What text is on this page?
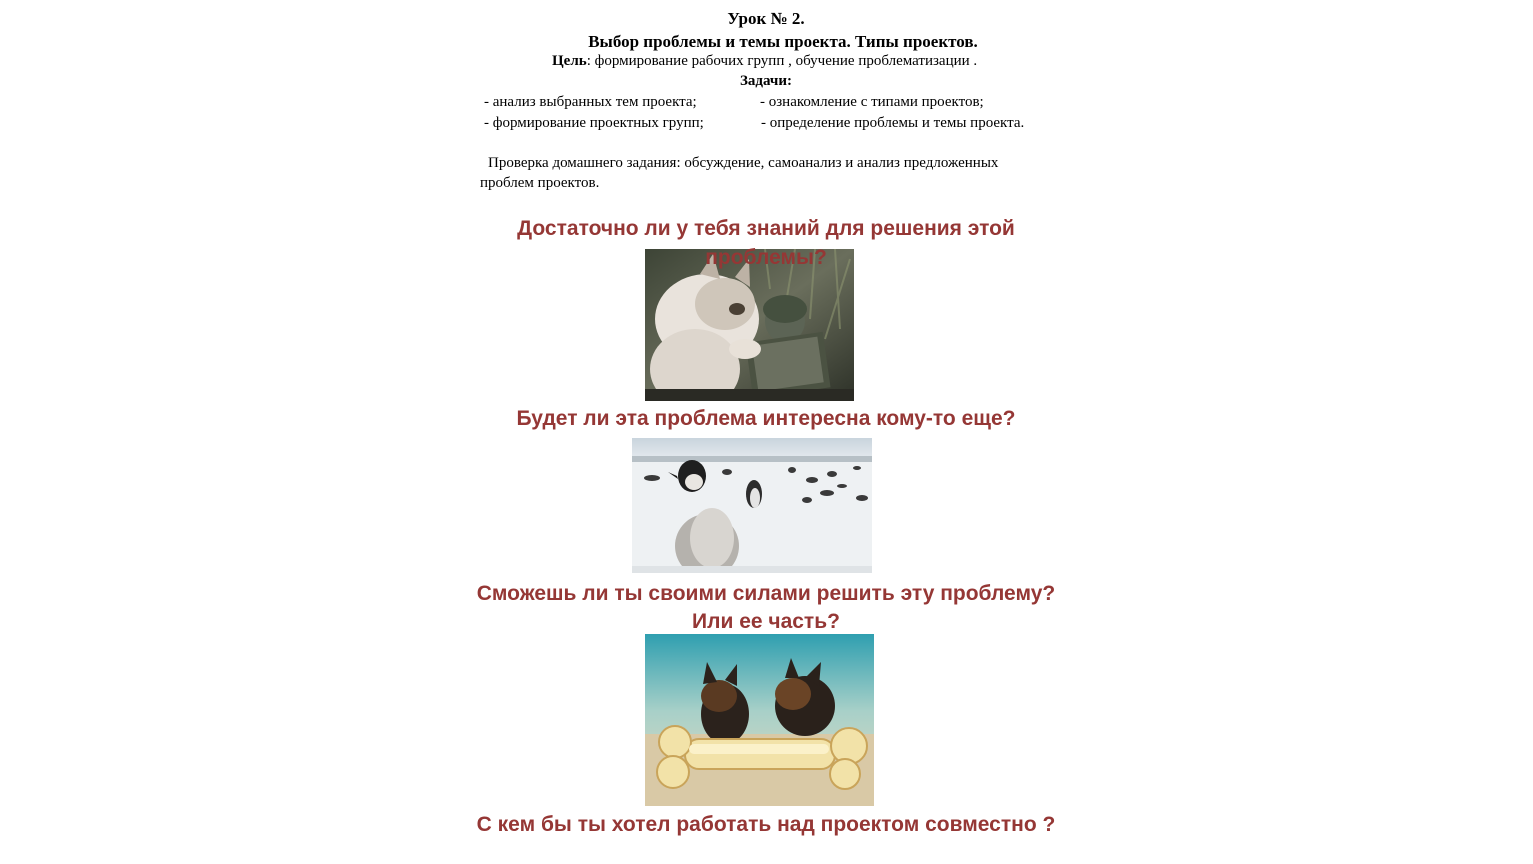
Урок № 2.
Выбор проблемы и темы проекта. Типы проектов.
Цель: формирование рабочих групп , обучение проблематизации .
Задачи:
- анализ выбранных тем проекта;	- ознакомление с типами проектов;
- формирование проектных групп;	- определение проблемы и темы проекта.
Проверка домашнего задания: обсуждение, самоанализ и анализ предложенных
проблем проектов.
Достаточно ли у тебя знаний для решения этой
проблемы?
Будет ли эта проблема интересна кому-то еще?
Сможешь ли ты своими силами решить эту проблему?
Или ее часть?
С кем бы ты хотел работать над проектом совместно ?
